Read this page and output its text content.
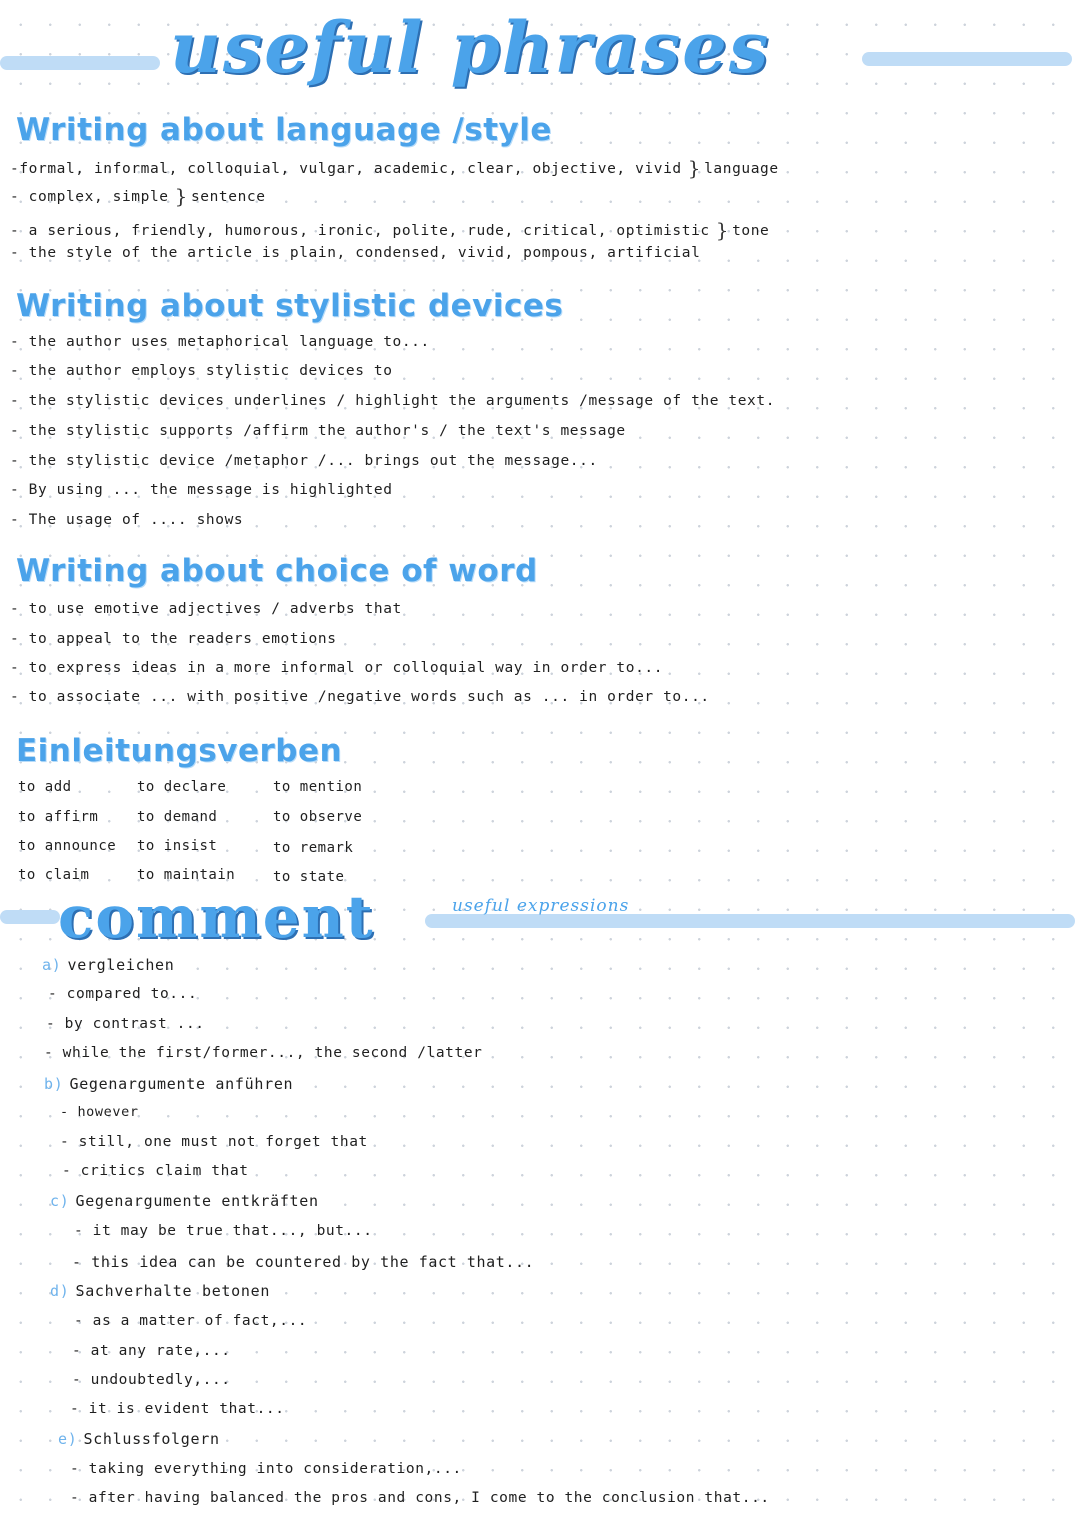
useful phrases
Writing about language /style
-formal, informal, colloquial, vulgar, academic, clear, objective, vivid } language
- complex, simple } sentence
- a serious, friendly, humorous, ironic, polite, rude, critical, optimistic } tone
- the style of the article is plain, condensed, vivid, pompous, artificial
Writing about stylistic devices
- the author uses metaphorical language to...
- the author employs stylistic devices to
- the stylistic devices underlines / highlight the arguments /message of the text.
- the stylistic supports /affirm the author's / the text's message
- the stylistic device /metaphor /... brings out the message...
- By using ... the message is highlighted
- The usage of .... shows
Writing about choice of word
- to use emotive adjectives / adverbs that
- to appeal to the readers emotions
- to express ideas in a more informal or colloquial way in order to...
- to associate ... with positive /negative words such as ... in order to...
Einleitungsverben
to add
to affirm
to announce
to claim
to declare
to demand
to insist
to maintain
to mention
to observe
to remark
to state
comment	useful expressions
a) vergleichen
- compared to...
- by contrast ...
- while the first/former..., the second /latter
b) Gegenargumente anführen
- however
- still, one must not forget that
- critics claim that
c) Gegenargumente entkräften
- it may be true that..., but...
- this idea can be countered by the fact that...
d) Sachverhalte betonen
- as a matter of fact,...
- at any rate,...
- undoubtedly,...
- it is evident that...
e) Schlussfolgern
- taking everything into consideration,...
- after having balanced the pros and cons, I come to the conclusion that...
